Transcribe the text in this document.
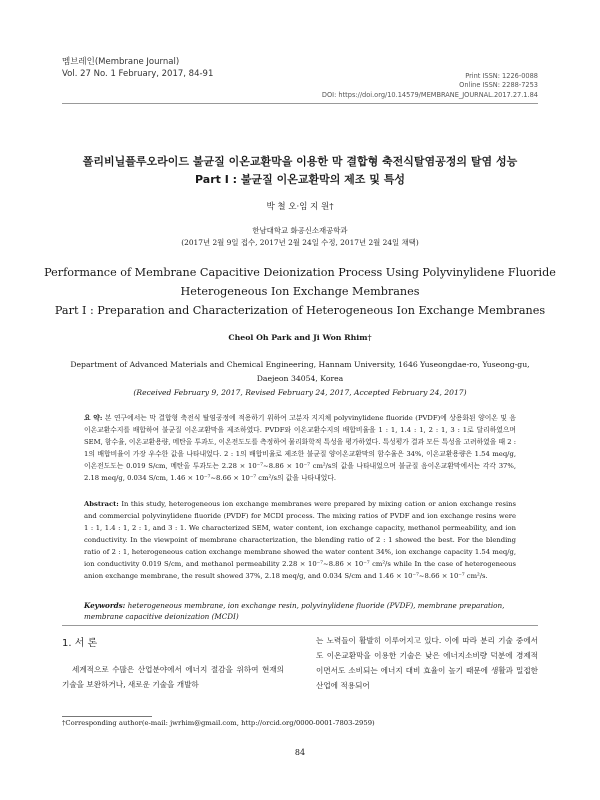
멤브레인(Membrane Journal)
Vol. 27 No. 1 February, 2017, 84-91	Print ISSN: 1226-0088
Online ISSN: 2288-7253
DOI: https://doi.org/10.14579/MEMBRANE_JOURNAL.2017.27.1.84
폴리비닐플루오라이드 불균질 이온교환막을 이용한 막 결합형 축전식탈염공정의 탈염 성능
Part I : 불균질 이온교환막의 제조 및 특성
박 철 오·임 지 원†
한남대학교 화공신소재공학과
(2017년 2월 9일 접수, 2017년 2월 24일 수정, 2017년 2월 24일 채택)
Performance of Membrane Capacitive Deionization Process Using Polyvinylidene Fluoride
Heterogeneous Ion Exchange Membranes
Part I : Preparation and Characterization of Heterogeneous Ion Exchange Membranes
Cheol Oh Park and Ji Won Rhim†
Department of Advanced Materials and Chemical Engineering, Hannam University, 1646 Yuseongdae-ro, Yuseong-gu, Daejeon 34054, Korea
(Received February 9, 2017, Revised February 24, 2017, Accepted February 24, 2017)
요 약: 본 연구에서는 막 결합형 축전식 탈염공정에 적용하기 위하여 고분자 지지체 polyvinylidene fluoride (PVDF)에 상용화된 양이온 및 음이온교환수지를 배합하여 불균질 이온교환막을 제조하였다. PVDF와 이온교환수지의 배합비율을 1 : 1, 1.4 : 1, 2 : 1, 3 : 1로 달리하였으며 SEM, 함수율, 이온교환용량, 메탄올 투과도, 이온전도도를 측정하여 물리화학적 특성을 평가하였다. 특성평가 결과 모든 특성을 고려하였을 때 2 : 1의 배합비율이 가장 우수한 값을 나타내었다. 2 : 1의 배합비율로 제조한 불균질 양이온교환막의 함수율은 34%, 이온교환용량은 1.54 meq/g, 이온전도도는 0.019 S/cm, 메탄올 투과도는 2.28 × 10⁻⁷~8.86 × 10⁻⁷ cm²/s의 값을 나타내었으며 불균질 음이온교환막에서는 각각 37%, 2.18 meq/g, 0.034 S/cm, 1.46 × 10⁻⁷~8.66 × 10⁻⁷ cm²/s의 값을 나타내었다.
Abstract: In this study, heterogeneous ion exchange membranes were prepared by mixing cation or anion exchange resins and commercial polyvinylidene fluoride (PVDF) for MCDI process. The mixing ratios of PVDF and ion exchange resins were 1 : 1, 1.4 : 1, 2 : 1, and 3 : 1. We characterized SEM, water content, ion exchange capacity, methanol permeability, and ion conductivity. In the viewpoint of membrane characterization, the blending ratio of 2 : 1 showed the best. For the blending ratio of 2 : 1, heterogeneous cation exchange membrane showed the water content 34%, ion exchange capacity 1.54 meq/g, ion conductivity 0.019 S/cm, and methanol permeability 2.28 × 10⁻⁷~8.86 × 10⁻⁷ cm²/s while In the case of heterogeneous anion exchange membrane, the result showed 37%, 2.18 meq/g, and 0.034 S/cm and 1.46 × 10⁻⁷~8.66 × 10⁻⁷ cm²/s.
Keywords: heterogeneous membrane, ion exchange resin, polyvinylidene fluoride (PVDF), membrane preparation, membrane capacitive deionization (MCDI)
1. 서 론
세계적으로 수많은 산업분야에서 에너지 절감을 위하여 현재의 기술을 보완하거나, 새로운 기술을 개발하
는 노력들이 활발히 이루어지고 있다. 이에 따라 분리 기술 중에서도 이온교환막을 이용한 기술은 낮은 에너지소비량 덕분에 경제적이면서도 소비되는 에너지 대비 효율이 높기 때문에 생활과 밀접한 산업에 적용되어
†Corresponding author(e-mail: jwrhim@gmail.com, http://orcid.org/0000-0001-7803-2959)
84
